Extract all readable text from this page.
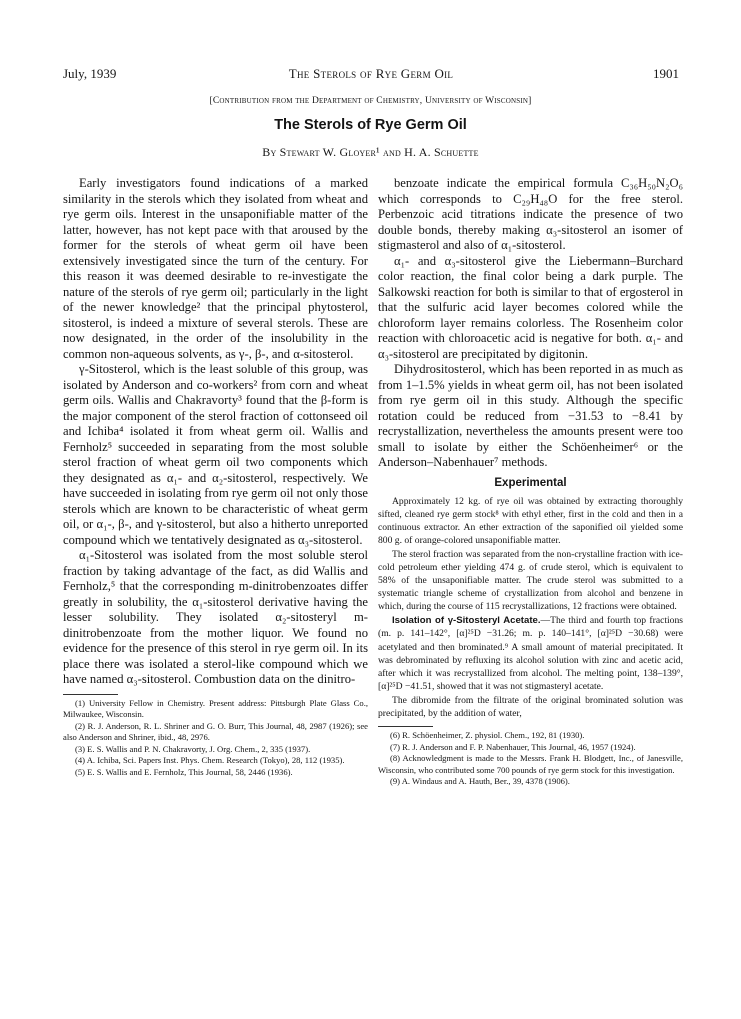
July, 1939	The Sterols of Rye Germ Oil	1901
[Contribution from the Department of Chemistry, University of Wisconsin]
The Sterols of Rye Germ Oil
By Stewart W. Gloyer¹ and H. A. Schuette

Early investigators found indications of a marked similarity in the sterols which they isolated from wheat and rye germ oils. Interest in the unsaponifiable matter of the latter, however, has not kept pace with that aroused by the former for the sterols of wheat germ oil have been extensively investigated since the turn of the century. For this reason it was deemed desirable to re-investigate the nature of the sterols of rye germ oil; particularly in the light of the newer knowledge² that the principal phytosterol, sitosterol, is indeed a mixture of several sterols. These are now designated, in the order of the insolubility in the common non-aqueous solvents, as γ-, β-, and α-sitosterol.

γ-Sitosterol, which is the least soluble of this group, was isolated by Anderson and co-workers² from corn and wheat germ oils. Wallis and Chakravorty³ found that the β-form is the major component of the sterol fraction of cottonseed oil and Ichiba⁴ isolated it from wheat germ oil. Wallis and Fernholz⁵ succeeded in separating from the most soluble sterol fraction of wheat germ oil two components which they designated as α₁- and α₂-sitosterol, respectively. We have succeeded in isolating from rye germ oil not only those sterols which are known to be characteristic of wheat germ oil, or α₁-, β-, and γ-sitosterol, but also a hitherto unreported compound which we tentatively designated as α₃-sitosterol.

α₁-Sitosterol was isolated from the most soluble sterol fraction by taking advantage of the fact, as did Wallis and Fernholz,⁵ that the corresponding m-dinitrobenzoates differ greatly in solubility, the α₁-sitosterol derivative having the lesser solubility. They isolated α₂-sitosteryl m-dinitrobenzoate from the mother liquor. We found no evidence for the presence of this sterol in rye germ oil. In its place there was isolated a sterol-like compound which we have named α₃-sitosterol. Combustion data on the dinitro-

(1) University Fellow in Chemistry. Present address: Pittsburgh Plate Glass Co., Milwaukee, Wisconsin.

(2) R. J. Anderson, R. L. Shriner and G. O. Burr, This Journal, 48, 2987 (1926); see also Anderson and Shriner, ibid., 48, 2976.

(3) E. S. Wallis and P. N. Chakravorty, J. Org. Chem., 2, 335 (1937).

(4) A. Ichiba, Sci. Papers Inst. Phys. Chem. Research (Tokyo), 28, 112 (1935).

(5) E. S. Wallis and E. Fernholz, This Journal, 58, 2446 (1936).

benzoate indicate the empirical formula C₃₆H₅₀N₂O₆ which corresponds to C₂₉H₄₈O for the free sterol. Perbenzoic acid titrations indicate the presence of two double bonds, thereby making α₃-sitosterol an isomer of stigmasterol and also of α₁-sitosterol.

α₁- and α₃-sitosterol give the Liebermann–Burchard color reaction, the final color being a dark purple. The Salkowski reaction for both is similar to that of ergosterol in that the sulfuric acid layer becomes colored while the chloroform layer remains colorless. The Rosenheim color reaction with chloroacetic acid is negative for both. α₁- and α₃-sitosterol are precipitated by digitonin.

Dihydrositosterol, which has been reported in as much as from 1–1.5% yields in wheat germ oil, has not been isolated from rye germ oil in this study. Although the specific rotation could be reduced from −31.53 to −8.41 by recrystallization, nevertheless the amounts present were too small to isolate by either the Schöenheimer⁶ or the Anderson–Nabenhauer⁷ methods.

Experimental

Approximately 12 kg. of rye oil was obtained by extracting thoroughly sifted, cleaned rye germ stock⁸ with ethyl ether, first in the cold and then in a continuous extractor. An ether extraction of the saponified oil yielded some 800 g. of orange-colored unsaponifiable matter.

The sterol fraction was separated from the non-crystalline fraction with ice-cold petroleum ether yielding 474 g. of crude sterol, which is equivalent to 58% of the unsaponifiable matter. The crude sterol was submitted to a systematic triangle scheme of crystallization from alcohol and benzene in which, during the course of 115 recrystallizations, 12 fractions were obtained.

Isolation of γ-Sitosteryl Acetate.—The third and fourth top fractions (m. p. 141–142°, [α]²⁵D −31.26; m. p. 140–141°, [α]²⁵D −30.68) were acetylated and then brominated.⁹ A small amount of material precipitated. It was debrominated by refluxing its alcohol solution with zinc and acetic acid, after which it was recrystallized from alcohol. The melting point, 138–139°, [α]²⁵D −41.51, showed that it was not stigmasteryl acetate.

The dibromide from the filtrate of the original brominated solution was precipitated, by the addition of water,

(6) R. Schöenheimer, Z. physiol. Chem., 192, 81 (1930).

(7) R. J. Anderson and F. P. Nabenhauer, This Journal, 46, 1957 (1924).

(8) Acknowledgment is made to the Messrs. Frank H. Blodgett, Inc., of Janesville, Wisconsin, who contributed some 700 pounds of rye germ stock for this investigation.

(9) A. Windaus and A. Hauth, Ber., 39, 4378 (1906).
